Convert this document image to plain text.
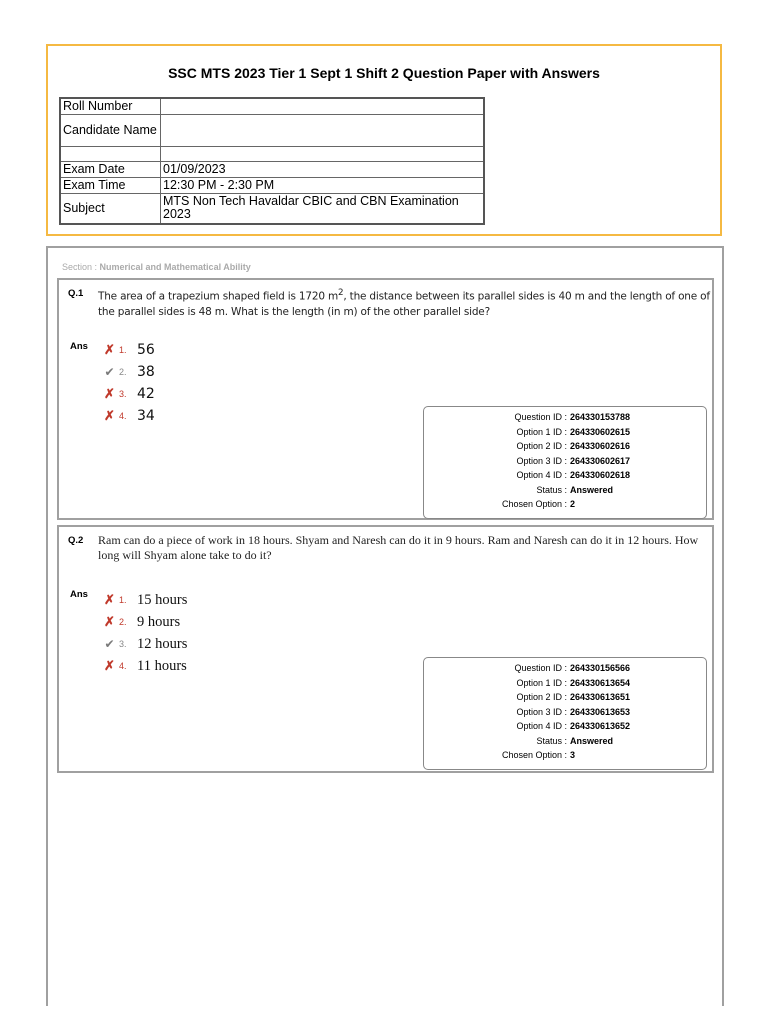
SSC MTS 2023 Tier 1 Sept 1 Shift 2 Question Paper with Answers
Roll Number	
Candidate Name	

Exam Date	01/09/2023
Exam Time	12:30 PM - 2:30 PM
Subject	MTS Non Tech Havaldar CBIC and CBN Examination 2023
Section : Numerical and Mathematical Ability
Q.1 The area of a trapezium shaped field is 1720 $m^2$, the distance between its parallel sides is 40 m and the length of one of the parallel sides is 48 m. What is the length (in m) of the other parallel side?
Ans ✗ 1. 56
✔ 2. 38
✗ 3. 42
✗ 4. 34	Question ID : 264330153788
Option 1 ID : 264330602615
Option 2 ID : 264330602616
Option 3 ID : 264330602617
Option 4 ID : 264330602618
Status : Answered
Chosen Option : 2
Q.2 Ram can do a piece of work in 18 hours. Shyam and Naresh can do it in 9 hours. Ram and Naresh can do it in 12 hours. How long will Shyam alone take to do it?
Ans ✗ 1. 15 hours
✗ 2. 9 hours
✔ 3. 12 hours
✗ 4. 11 hours	Question ID : 264330156566
Option 1 ID : 264330613654
Option 2 ID : 264330613651
Option 3 ID : 264330613653
Option 4 ID : 264330613652
Status : Answered
Chosen Option : 3
